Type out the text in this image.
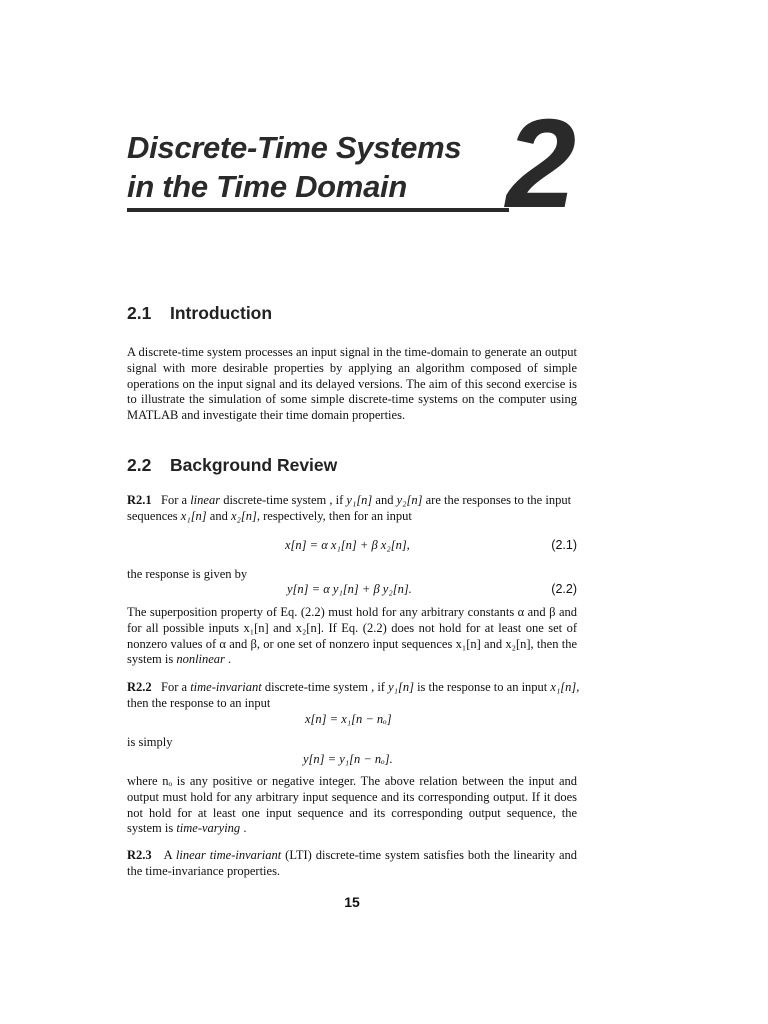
Discrete-Time Systems
in the Time Domain 2
2.1 Introduction
A discrete-time system processes an input signal in the time-domain to generate an output signal with more desirable properties by applying an algorithm composed of simple operations on the input signal and its delayed versions. The aim of this second exercise is to illustrate the simulation of some simple discrete-time systems on the computer using MATLAB and investigate their time domain properties.
2.2 Background Review
R2.1 For a linear discrete-time system , if y₁[n] and y₂[n] are the responses to the input
sequences x₁[n] and x₂[n], respectively, then for an input
x[n] = α x₁[n] + β x₂[n],	(2.1)
the response is given by
y[n] = α y₁[n] + β y₂[n].	(2.2)
The superposition property of Eq. (2.2) must hold for any arbitrary constants α and β and for all possible inputs x₁[n] and x₂[n]. If Eq. (2.2) does not hold for at least one set of nonzero values of α and β, or one set of nonzero input sequences x₁[n] and x₂[n], then the system is nonlinear .
R2.2 For a time-invariant discrete-time system , if y₁[n] is the response to an input x₁[n],
then the response to an input
x[n] = x₁[n − nₒ]
is simply
y[n] = y₁[n − nₒ].
where nₒ is any positive or negative integer. The above relation between the input and output must hold for any arbitrary input sequence and its corresponding output. If it does not hold for at least one input sequence and its corresponding output sequence, the system is time-varying .
R2.3 A linear time-invariant (LTI) discrete-time system satisfies both the linearity and the time-invariance properties.
15
